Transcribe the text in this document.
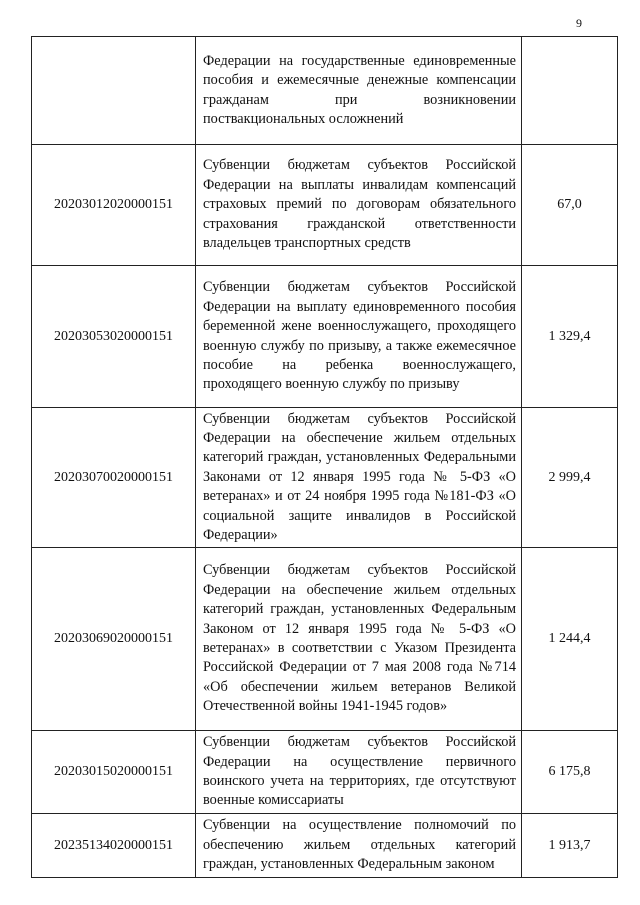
9
	Федерации на государственные единовременные пособия и ежемесячные денежные компенсации гражданам при возникновении поствакциональных осложнений	
20203012020000151	Субвенции бюджетам субъектов Российской Федерации на выплаты инвалидам компенсаций страховых премий по договорам обязательного страхования гражданской ответственности владельцев транспортных средств	67,0
20203053020000151	Субвенции бюджетам субъектов Российской Федерации на выплату единовременного пособия беременной жене военнослужащего, проходящего военную службу по призыву, а также ежемесячное пособие на ребенка военнослужащего, проходящего военную службу по призыву	1 329,4
20203070020000151	Субвенции бюджетам субъектов Российской Федерации на обеспечение жильем отдельных категорий граждан, установленных Федеральными Законами от 12 января 1995 года № 5-ФЗ «О ветеранах» и от 24 ноября 1995 года №181-ФЗ «О социальной защите инвалидов в Российской Федерации»	2 999,4
20203069020000151	Субвенции бюджетам субъектов Российской Федерации на обеспечение жильем отдельных категорий граждан, установленных Федеральным Законом от 12 января 1995 года № 5-ФЗ «О ветеранах» в соответствии с Указом Президента Российской Федерации от 7 мая 2008 года №714 «Об обеспечении жильем ветеранов Великой Отечественной войны 1941-1945 годов»	1 244,4
20203015020000151	Субвенции бюджетам субъектов Российской Федерации на осуществление первичного воинского учета на территориях, где отсутствуют военные комиссариаты	6 175,8
20235134020000151	Субвенции на осуществление полномочий по обеспечению жильем отдельных категорий граждан, установленных Федеральным законом	1 913,7
